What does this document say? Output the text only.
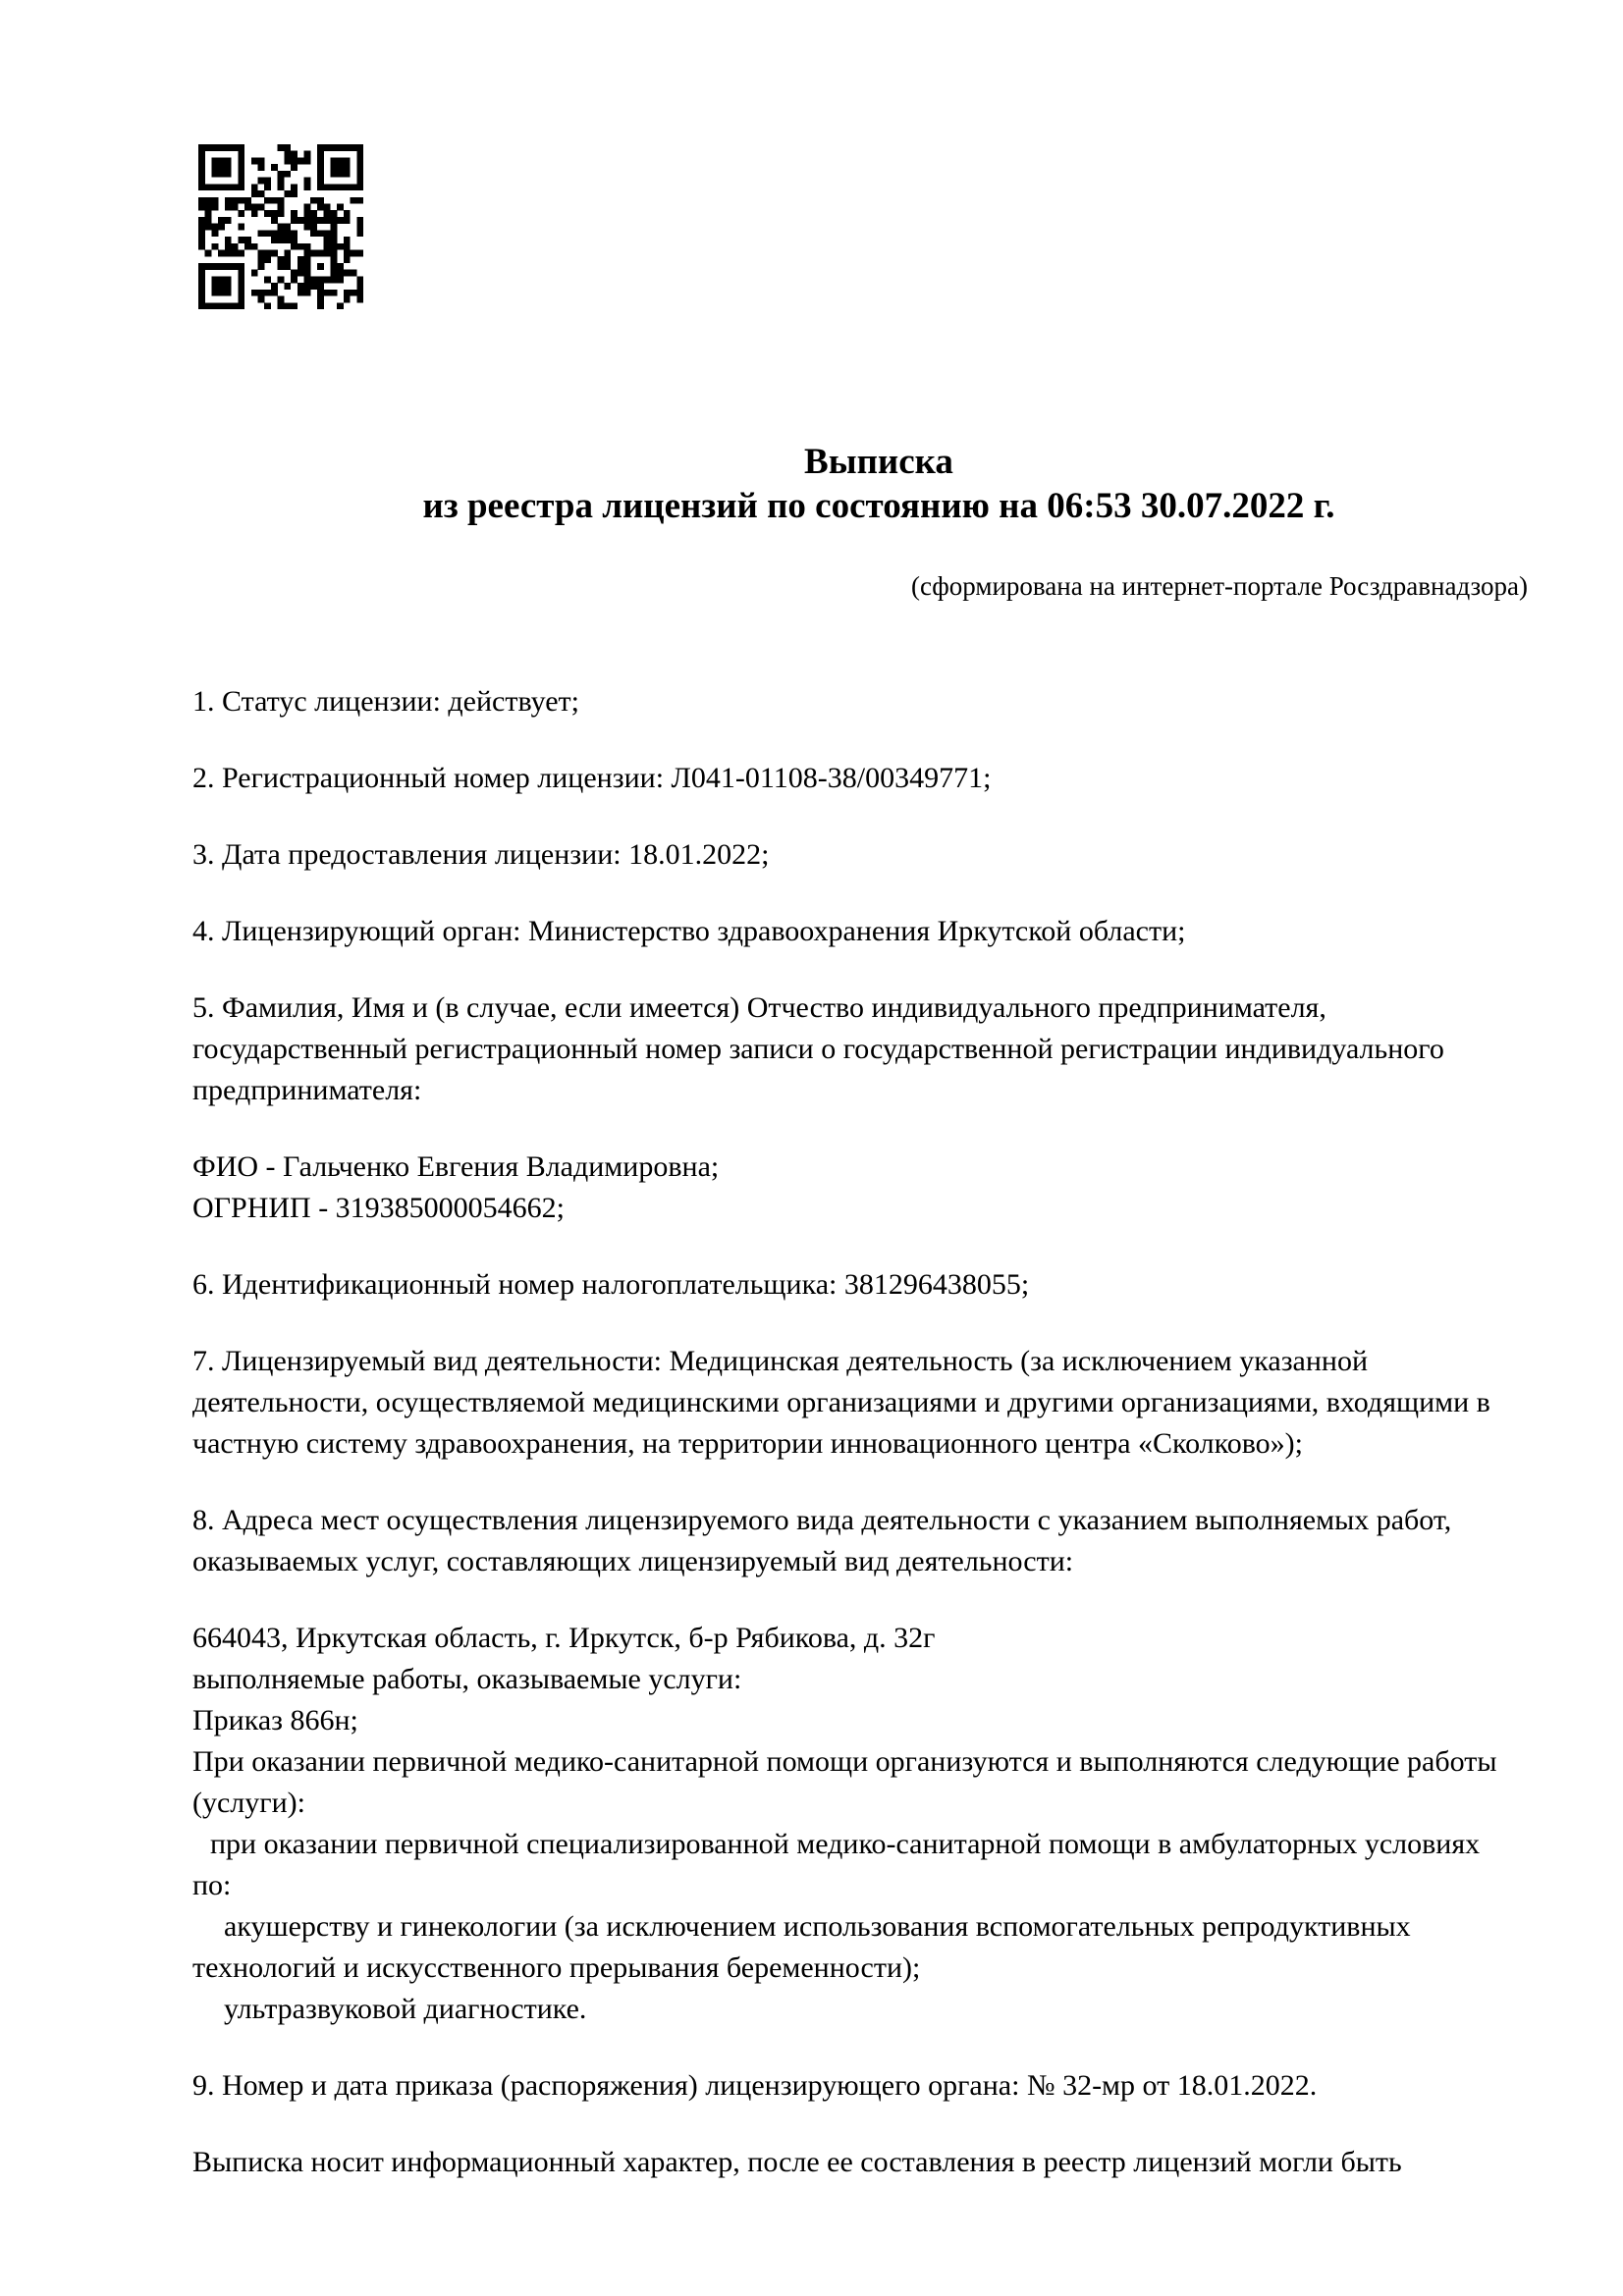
Выписка
из реестра лицензий по состоянию на 06:53 30.07.2022 г.
(сформирована на интернет-портале Росздравнадзора)

1. Статус лицензии: действует;

2. Регистрационный номер лицензии: Л041-01108-38/00349771;

3. Дата предоставления лицензии: 18.01.2022;

4. Лицензирующий орган: Министерство здравоохранения Иркутской области;

5. Фамилия, Имя и (в случае, если имеется) Отчество индивидуального предпринимателя, государственный регистрационный номер записи о государственной регистрации индивидуального предпринимателя:

ФИО - Гальченко Евгения Владимировна;

ОГРНИП - 319385000054662;

6. Идентификационный номер налогоплательщика: 381296438055;

7. Лицензируемый вид деятельности: Медицинская деятельность (за исключением указанной деятельности, осуществляемой медицинскими организациями и другими организациями, входящими в частную систему здравоохранения, на территории инновационного центра «Сколково»);

8. Адреса мест осуществления лицензируемого вида деятельности с указанием выполняемых работ, оказываемых услуг, составляющих лицензируемый вид деятельности:

664043, Иркутская область, г. Иркутск, б-р Рябикова, д. 32г

выполняемые работы, оказываемые услуги:

Приказ 866н;

При оказании первичной медико-санитарной помощи организуются и выполняются следующие работы (услуги):

при оказании первичной специализированной медико-санитарной помощи в амбулаторных условиях по:

акушерству и гинекологии (за исключением использования вспомогательных репродуктивных технологий и искусственного прерывания беременности);

ультразвуковой диагностике.

9. Номер и дата приказа (распоряжения) лицензирующего органа: № 32-мр от 18.01.2022.

Выписка носит информационный характер, после ее составления в реестр лицензий могли быть
